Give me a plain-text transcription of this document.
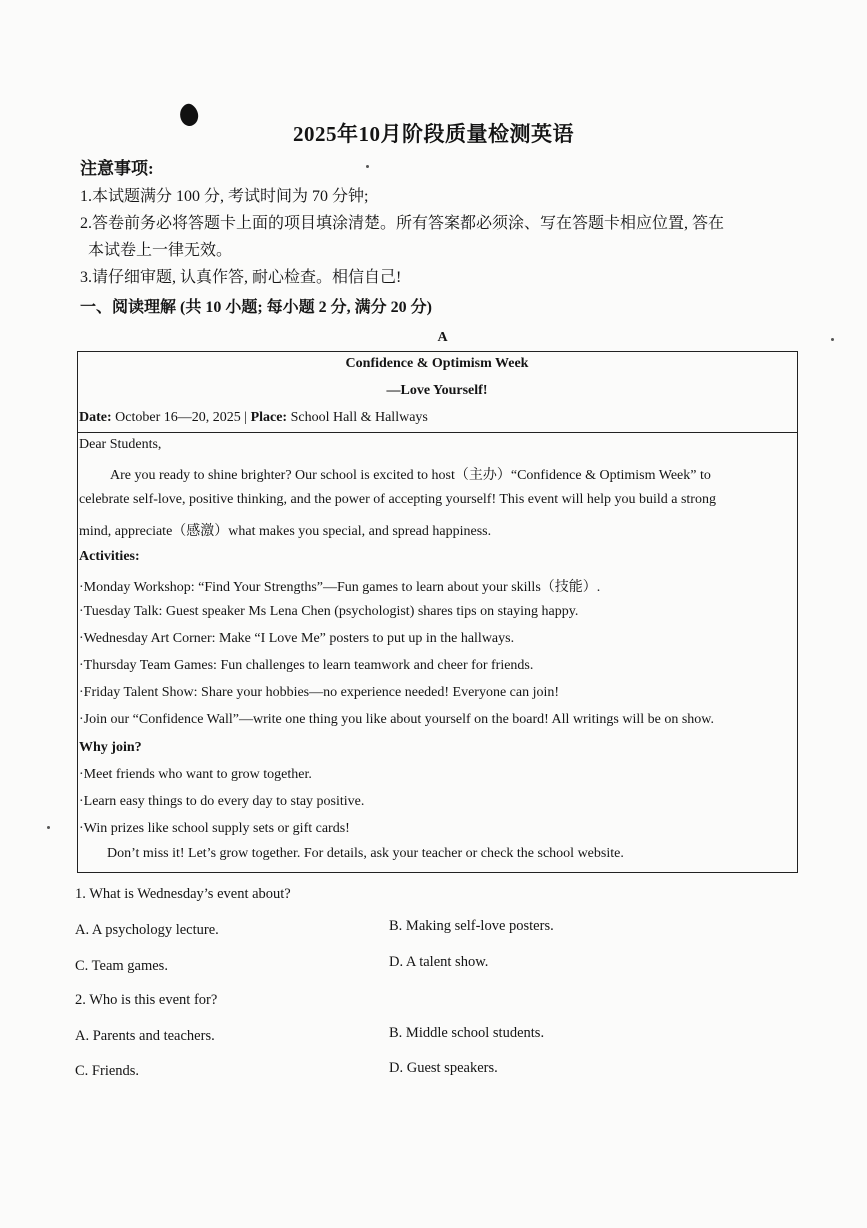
2025年10月阶段质量检测英语
注意事项:
1.本试题满分 100 分, 考试时间为 70 分钟;
2.答卷前务必将答题卡上面的项目填涂清楚。所有答案都必须涂、写在答题卡相应位置, 答在
本试卷上一律无效。
3.请仔细审题, 认真作答, 耐心检查。相信自己!
一、阅读理解 (共 10 小题; 每小题 2 分, 满分 20 分)
A
Confidence & Optimism Week
—Love Yourself!
Date: October 16—20, 2025 | Place: School Hall & Hallways
Dear Students,
Are you ready to shine brighter? Our school is excited to host（主办）“Confidence & Optimism Week” to
celebrate self-love, positive thinking, and the power of accepting yourself! This event will help you build a strong
mind, appreciate（感激）what makes you special, and spread happiness.
Activities:
·Monday Workshop: “Find Your Strengths”—Fun games to learn about your skills（技能）.
·Tuesday Talk: Guest speaker Ms Lena Chen (psychologist) shares tips on staying happy.
·Wednesday Art Corner: Make “I Love Me” posters to put up in the hallways.
·Thursday Team Games: Fun challenges to learn teamwork and cheer for friends.
·Friday Talent Show: Share your hobbies—no experience needed! Everyone can join!
·Join our “Confidence Wall”—write one thing you like about yourself on the board! All writings will be on show.
Why join?
·Meet friends who want to grow together.
·Learn easy things to do every day to stay positive.
·Win prizes like school supply sets or gift cards!
Don’t miss it! Let’s grow together. For details, ask your teacher or check the school website.
1. What is Wednesday’s event about?
A. A psychology lecture.	B. Making self-love posters.
C. Team games.	D. A talent show.
2. Who is this event for?
A. Parents and teachers.	B. Middle school students.
C. Friends.	D. Guest speakers.
